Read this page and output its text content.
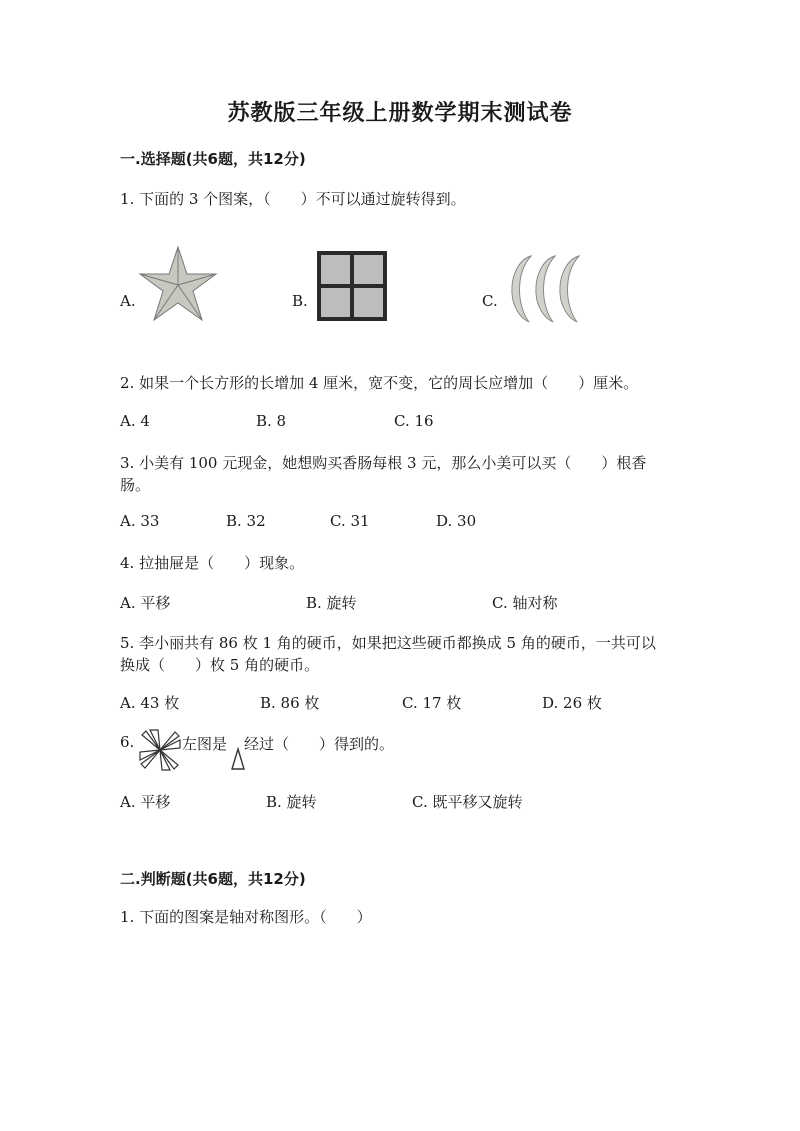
苏教版三年级上册数学期末测试卷
一.选择题(共6题，共12分)
1. 下面的 3 个图案，（　　）不可以通过旋转得到。
A.	B.	C.
2. 如果一个长方形的长增加 4 厘米，宽不变，它的周长应增加（　　）厘米。
A. 4	B. 8	C. 16
3. 小美有 100 元现金，她想购买香肠每根 3 元，那么小美可以买（　　）根香
肠。
A. 33	B. 32	C. 31	D. 30
4. 拉抽屉是（　　）现象。
A. 平移	B. 旋转	C. 轴对称
5. 李小丽共有 86 枚 1 角的硬币，如果把这些硬币都换成 5 角的硬币，一共可以
换成（　　）枚 5 角的硬币。
A. 43 枚	B. 86 枚	C. 17 枚	D. 26 枚
6.	左图是 经过（　　）得到的。
A. 平移	B. 旋转	C. 既平移又旋转
二.判断题(共6题，共12分)
1. 下面的图案是轴对称图形。（　　）
